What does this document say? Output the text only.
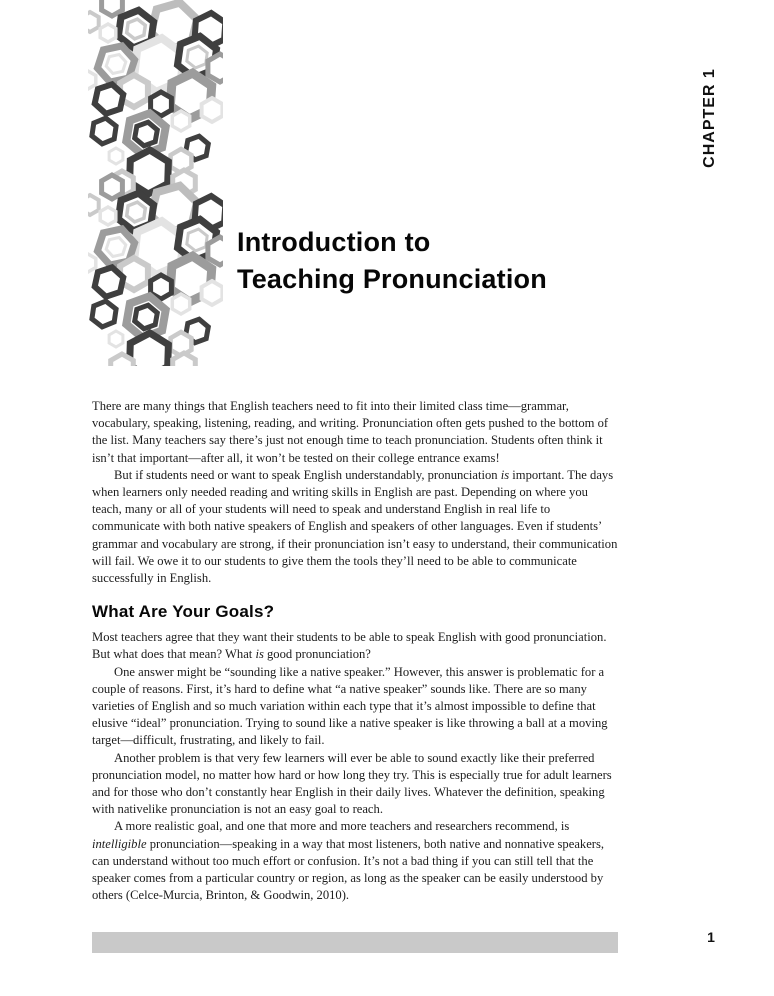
CHAPTER 1
Introduction to
Teaching Pronunciation

There are many things that English teachers need to fit into their limited class time—grammar, vocabulary, speaking, listening, reading, and writing. Pronunciation often gets pushed to the bottom of the list. Many teachers say there’s just not enough time to teach pronunciation. Students often think it isn’t that important—after all, it won’t be tested on their college entrance exams!

But if students need or want to speak English understandably, pronunciation is important. The days when learners only needed reading and writing skills in English are past. Depending on where you teach, many or all of your students will need to speak and understand English in real life to communicate with both native speakers of English and speakers of other languages. Even if students’ grammar and vocabulary are strong, if their pronunciation isn’t easy to understand, their communication will fail. We owe it to our students to give them the tools they’ll need to be able to communicate successfully in English.

What Are Your Goals?

Most teachers agree that they want their students to be able to speak English with good pronunciation. But what does that mean? What is good pronunciation?

One answer might be “sounding like a native speaker.” However, this answer is problematic for a couple of reasons. First, it’s hard to define what “a native speaker” sounds like. There are so many varieties of English and so much variation within each type that it’s almost impossible to define that elusive “ideal” pronunciation. Trying to sound like a native speaker is like throwing a ball at a moving target—difficult, frustrating, and likely to fail.

Another problem is that very few learners will ever be able to sound exactly like their preferred pronunciation model, no matter how hard or how long they try. This is especially true for adult learners and for those who don’t constantly hear English in their daily lives. Whatever the definition, speaking with nativelike pronunciation is not an easy goal to reach.

A more realistic goal, and one that more and more teachers and researchers recommend, is intelligible pronunciation—speaking in a way that most listeners, both native and nonnative speakers, can understand without too much effort or confusion. It’s not a bad thing if you can still tell that the speaker comes from a particular country or region, as long as the speaker can be easily understood by others (Celce-Murcia, Brinton, & Goodwin, 2010).

1
